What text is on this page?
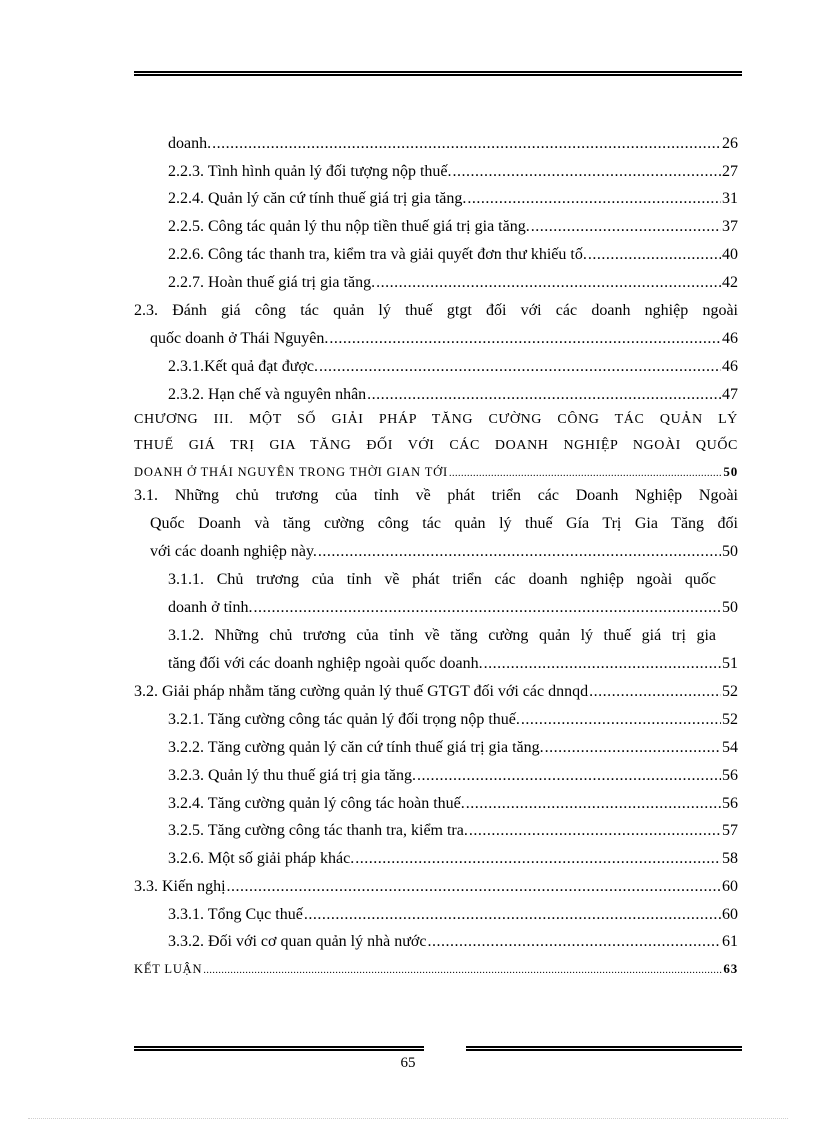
doanh. .....	26
2.2.3. Tình hình quản lý đối tượng nộp thuế. .....	27
2.2.4. Quản lý căn cứ tính thuế giá trị gia tăng. .....	31
2.2.5. Công tác quản lý thu nộp tiền thuế giá trị gia tăng. .....	37
2.2.6. Công tác thanh tra, kiểm tra và giải quyết đơn thư khiếu tố. .....	40
2.2.7. Hoàn thuế giá trị gia tăng. .....	42
2.3. Đánh giá công tác quản lý thuế gtgt đối với các doanh nghiệp ngoài
quốc doanh ở Thái Nguyên. .....	46
2.3.1.Kết quả đạt được. .....	46
2.3.2. Hạn chế và nguyên nhân .....	47
CHƯƠNG III. MỘT SỐ GIẢI PHÁP TĂNG CƯỜNG CÔNG TÁC QUẢN LÝ
THUẾ GIÁ TRỊ GIA TĂNG ĐỐI VỚI CÁC DOANH NGHIỆP NGOÀI QUỐC
DOANH Ở THÁI NGUYÊN TRONG THỜI GIAN TỚI .....	50
3.1. Những chủ trương của tỉnh về phát triển các Doanh Nghiệp Ngoài
Quốc Doanh và tăng cường công tác quản lý thuế Gía Trị Gia Tăng đối
với các doanh nghiệp này. .....	50
3.1.1. Chủ trương của tỉnh về phát triển các doanh nghiệp ngoài quốc
doanh ở tỉnh. .....	50
3.1.2. Những chủ trương của tỉnh về tăng cường quản lý thuế giá trị gia
tăng đối với các doanh nghiệp ngoài quốc doanh. .....	51
3.2. Giải pháp nhằm tăng cường quản lý thuế GTGT đối với các dnnqd .....	52
3.2.1. Tăng cường công tác quản lý đối trọng nộp thuế. .....	52
3.2.2. Tăng cường quản lý căn cứ tính thuế giá trị gia tăng. .....	54
3.2.3. Quản lý thu thuế giá trị gia tăng. .....	56
3.2.4. Tăng cường quản lý công tác hoàn thuế. .....	56
3.2.5. Tăng cường công tác thanh tra, kiểm tra. .....	57
3.2.6. Một số giải pháp khác. .....	58
3.3. Kiến nghị .....	60
3.3.1. Tổng Cục thuế .....	60
3.3.2. Đối với cơ quan quản lý nhà nước .....	61
KẾT LUẬN .....	63
65
